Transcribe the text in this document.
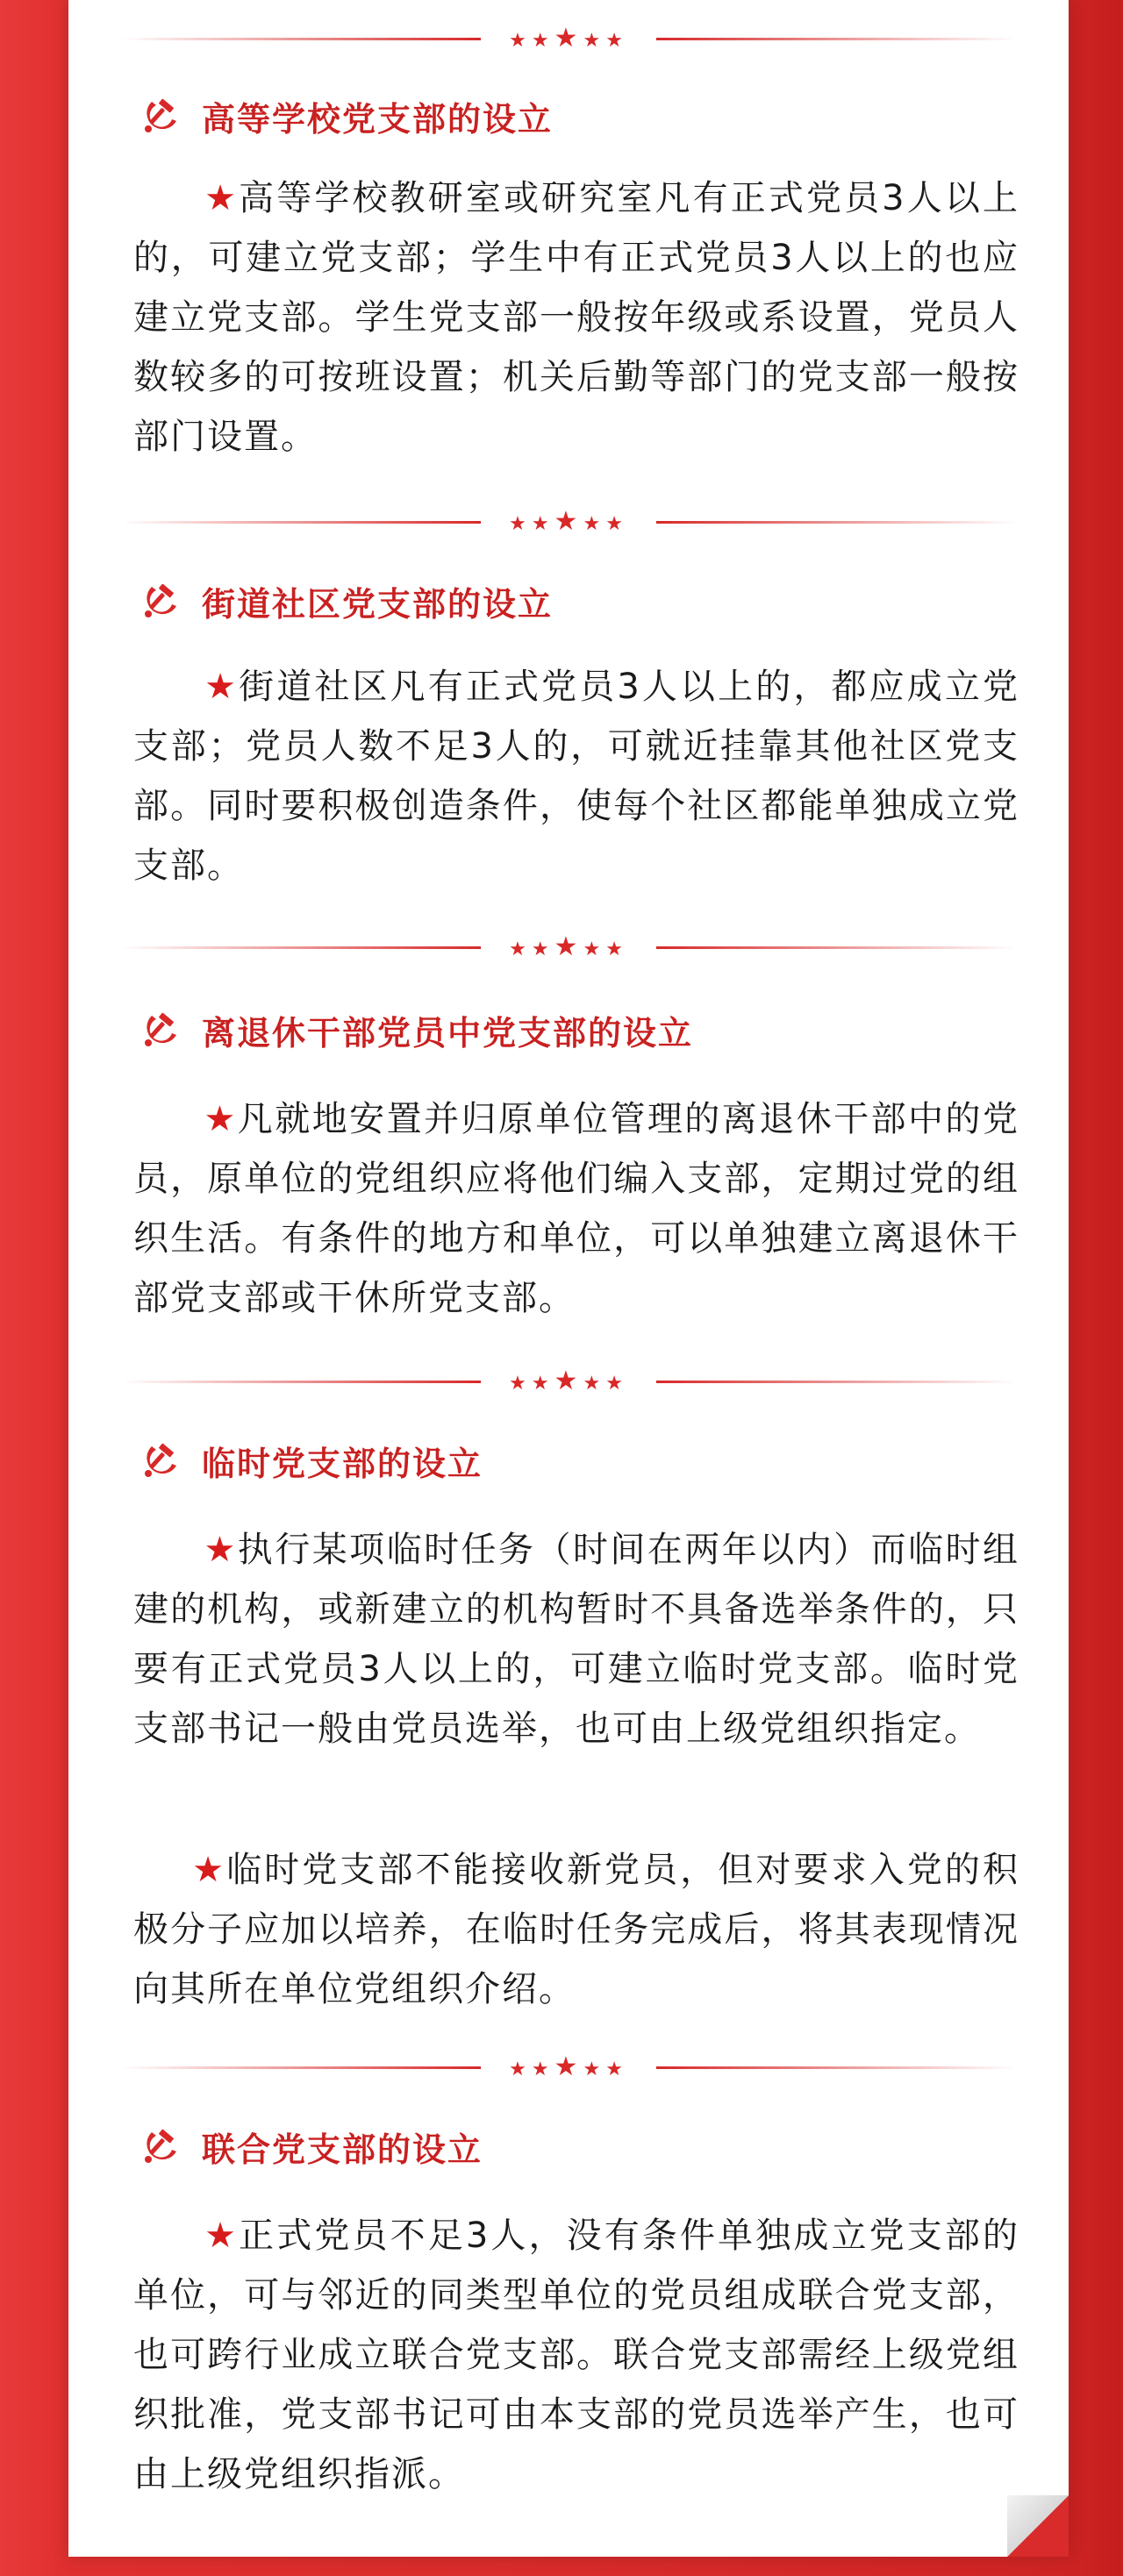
★★★★★
高等学校党支部的设立
★高等学校教研室或研究室凡有正式党员3人以上的，可建立党支部；学生中有正式党员3人以上的也应建立党支部。学生党支部一般按年级或系设置，党员人数较多的可按班设置；机关后勤等部门的党支部一般按部门设置。
★★★★★
街道社区党支部的设立
★街道社区凡有正式党员3人以上的，都应成立党支部；党员人数不足3人的，可就近挂靠其他社区党支部。同时要积极创造条件，使每个社区都能单独成立党支部。
★★★★★
离退休干部党员中党支部的设立
★凡就地安置并归原单位管理的离退休干部中的党员，原单位的党组织应将他们编入支部，定期过党的组织生活。有条件的地方和单位，可以单独建立离退休干部党支部或干休所党支部。
★★★★★
临时党支部的设立
★执行某项临时任务（时间在两年以内）而临时组建的机构，或新建立的机构暂时不具备选举条件的，只要有正式党员3人以上的，可建立临时党支部。临时党支部书记一般由党员选举，也可由上级党组织指定。
★临时党支部不能接收新党员，但对要求入党的积极分子应加以培养，在临时任务完成后，将其表现情况向其所在单位党组织介绍。
★★★★★
联合党支部的设立
★正式党员不足3人，没有条件单独成立党支部的单位，可与邻近的同类型单位的党员组成联合党支部，也可跨行业成立联合党支部。联合党支部需经上级党组织批准，党支部书记可由本支部的党员选举产生，也可由上级党组织指派。
